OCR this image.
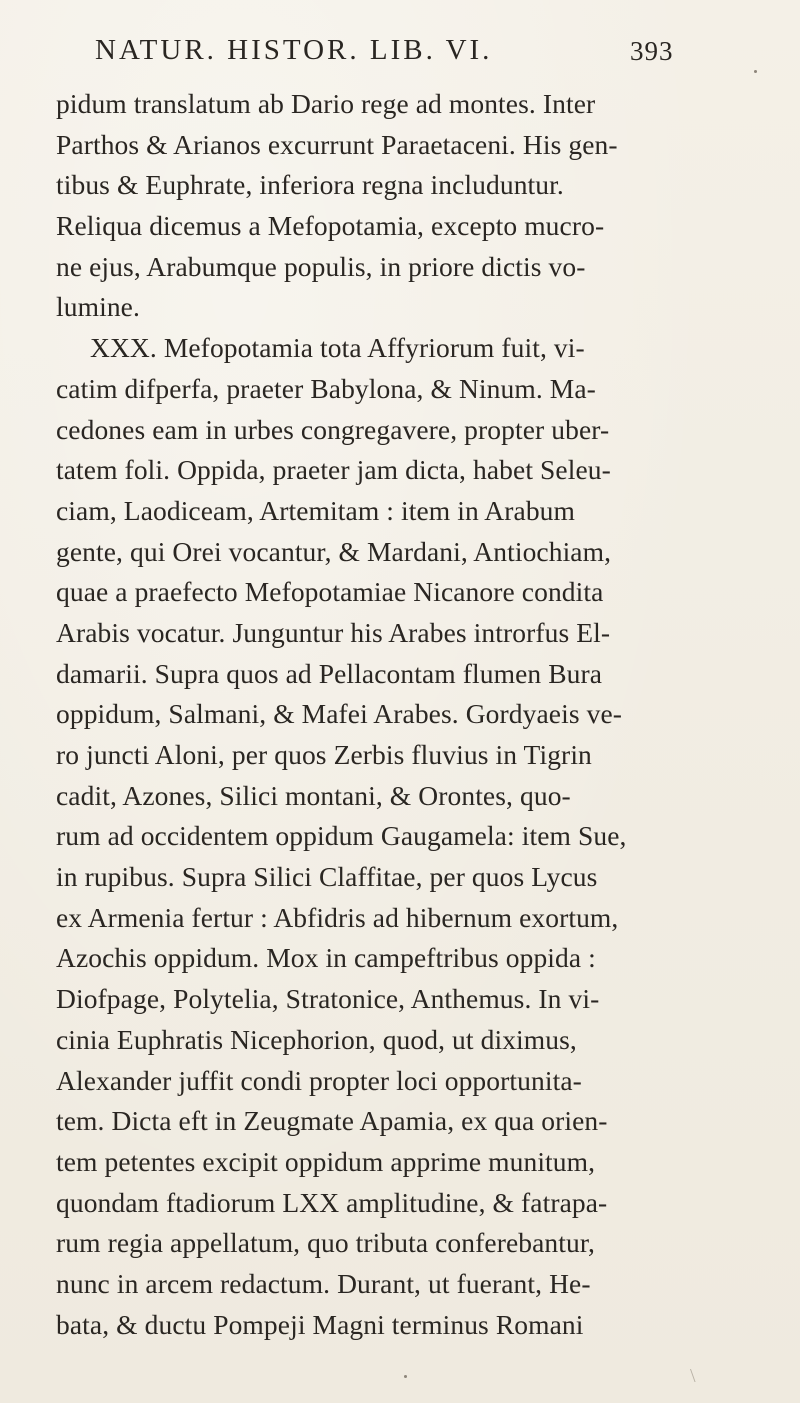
NATUR. HISTOR. LIB. VI.	393
pidum translatum ab Dario rege ad montes. Inter
Parthos & Arianos excurrunt Paraetaceni. His gen-
tibus & Euphrate, inferiora regna includuntur.
Reliqua dicemus a Mefopotamia, excepto mucro-
ne ejus, Arabumque populis, in priore dictis vo-
lumine.
XXX. Mefopotamia tota Affyriorum fuit, vi-
catim difperfa, praeter Babylona, & Ninum. Ma-
cedones eam in urbes congregavere, propter uber-
tatem foli. Oppida, praeter jam dicta, habet Seleu-
ciam, Laodiceam, Artemitam : item in Arabum
gente, qui Orei vocantur, & Mardani, Antiochiam,
quae a praefecto Mefopotamiae Nicanore condita
Arabis vocatur. Junguntur his Arabes introrfus El-
damarii. Supra quos ad Pellacontam flumen Bura
oppidum, Salmani, & Mafei Arabes. Gordyaeis ve-
ro juncti Aloni, per quos Zerbis fluvius in Tigrin
cadit, Azones, Silici montani, & Orontes, quo-
rum ad occidentem oppidum Gaugamela: item Sue,
in rupibus. Supra Silici Claffitae, per quos Lycus
ex Armenia fertur : Abfidris ad hibernum exortum,
Azochis oppidum. Mox in campeftribus oppida :
Diofpage, Polytelia, Stratonice, Anthemus. In vi-
cinia Euphratis Nicephorion, quod, ut diximus,
Alexander juffit condi propter loci opportunita-
tem. Dicta eft in Zeugmate Apamia, ex qua orien-
tem petentes excipit oppidum apprime munitum,
quondam ftadiorum LXX amplitudine, & fatrapa-
rum regia appellatum, quo tributa conferebantur,
nunc in arcem redactum. Durant, ut fuerant, He-
bata, & ductu Pompeji Magni terminus Romani
\
